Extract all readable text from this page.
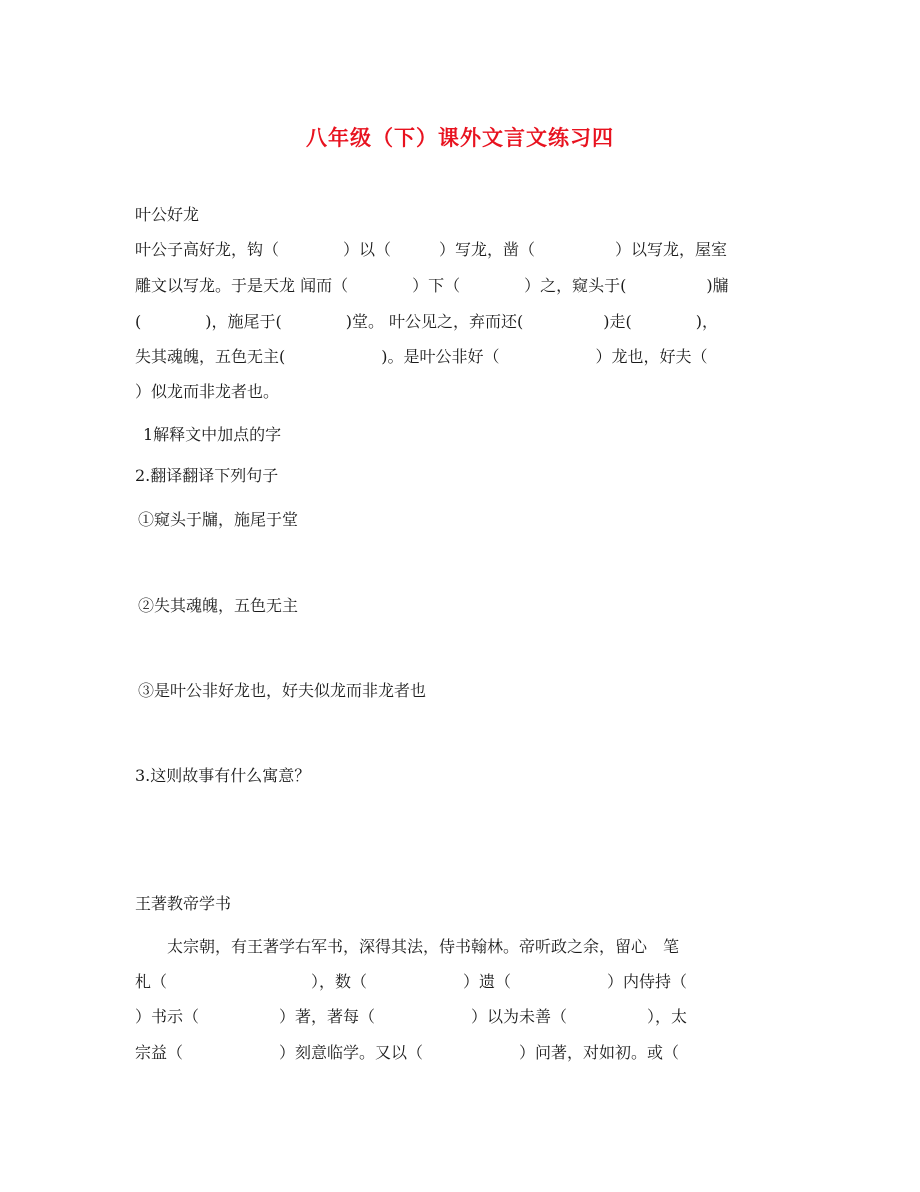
八年级（下）课外文言文练习四
叶公好龙
叶公子高好龙，钩（　　　　）以（　　　）写龙，凿（　　　　　）以写龙，屋室
雕文以写龙。于是天龙 闻而（　　　　）下（　　　　）之，窥头于(　　　　　)牖
(　　　　)，施尾于(　　　　)堂。 叶公见之，弃而还(　　　　　)走(　　　　)，
失其魂魄，五色无主(　　　　　　)。是叶公非好（　　　　　　）龙也，好夫（
）似龙而非龙者也。
1解释文中加点的字
2.翻译翻译下列句子
①窥头于牖，施尾于堂
②失其魂魄，五色无主
③是叶公非好龙也，好夫似龙而非龙者也
3.这则故事有什么寓意？
王著教帝学书
　　太宗朝，有王著学右军书，深得其法，侍书翰林。帝听政之余，留心　笔
札（　　　　　　　　　），数（　　　　　　）遗（　　　　　　）内侍持（
）书示（　　　　　）著，著每（　　　　　　）以为未善（　　　　　），太
宗益（　　　　　　）刻意临学。又以（　　　　　　）问著，对如初。或（
